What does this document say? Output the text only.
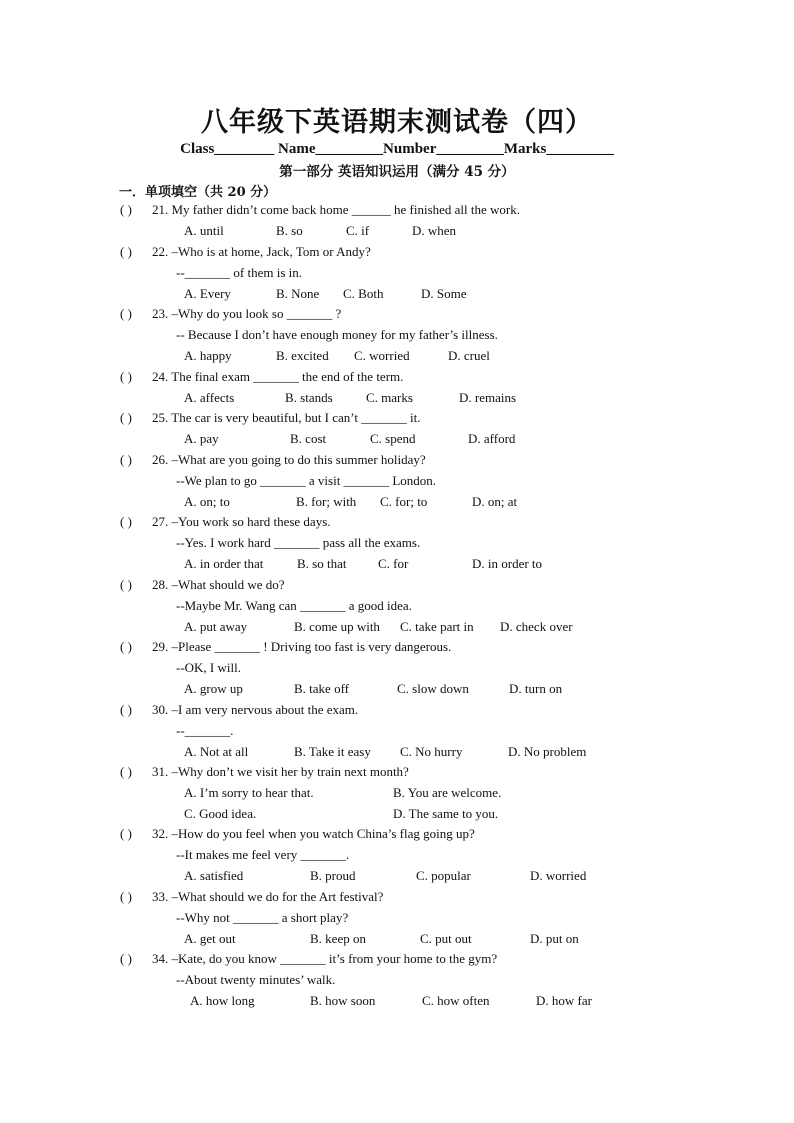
八年级下英语期末测试卷（四）
Class________ Name_________Number_________Marks_________
第一部分 英语知识运用（满分 45 分）
一．单项填空（共 20 分）
( ) 21. My father didn’t come back home ______ he finished all the work.
A. until	B. so	C. if	D. when
( ) 22. –Who is at home, Jack, Tom or Andy?
--_______ of them is in.
A. Every	B. None C. Both	D. Some
( ) 23. –Why do you look so _______ ?
-- Because I don’t have enough money for my father’s illness.
A. happy	B. excited C. worried	D. cruel
( ) 24. The final exam _______ the end of the term.
A. affects	B. stands	C. marks	D. remains
( ) 25. The car is very beautiful, but I can’t _______ it.
A. pay	B. cost	C. spend	D. afford
( ) 26. –What are you going to do this summer holiday?
--We plan to go _______ a visit _______ London.
A. on; to	B. for; with C. for; to	D. on; at
( ) 27. –You work so hard these days.
--Yes. I work hard _______ pass all the exams.
A. in order that	B. so that C. for	D. in order to
( ) 28. –What should we do?
--Maybe Mr. Wang can _______ a good idea.
A. put away	B. come up with C. take part in D. check over
( ) 29. –Please _______ ! Driving too fast is very dangerous.
--OK, I will.
A. grow up	B. take off	C. slow down	D. turn on
( ) 30. –I am very nervous about the exam.
--_______.
A. Not at all	B. Take it easy C. No hurry	D. No problem
( ) 31. –Why don’t we visit her by train next month?
A. I’m sorry to hear that.	B. You are welcome.
C. Good idea.	D. The same to you.
( ) 32. –How do you feel when you watch China’s flag going up?
--It makes me feel very _______.
A. satisfied	B. proud	C. popular	D. worried
( ) 33. –What should we do for the Art festival?
--Why not _______ a short play?
A. get out	B. keep on	C. put out	D. put on
( ) 34. –Kate, do you know _______ it’s from your home to the gym?
--About twenty minutes’ walk.
A. how long	B. how soon	C. how often	D. how far
